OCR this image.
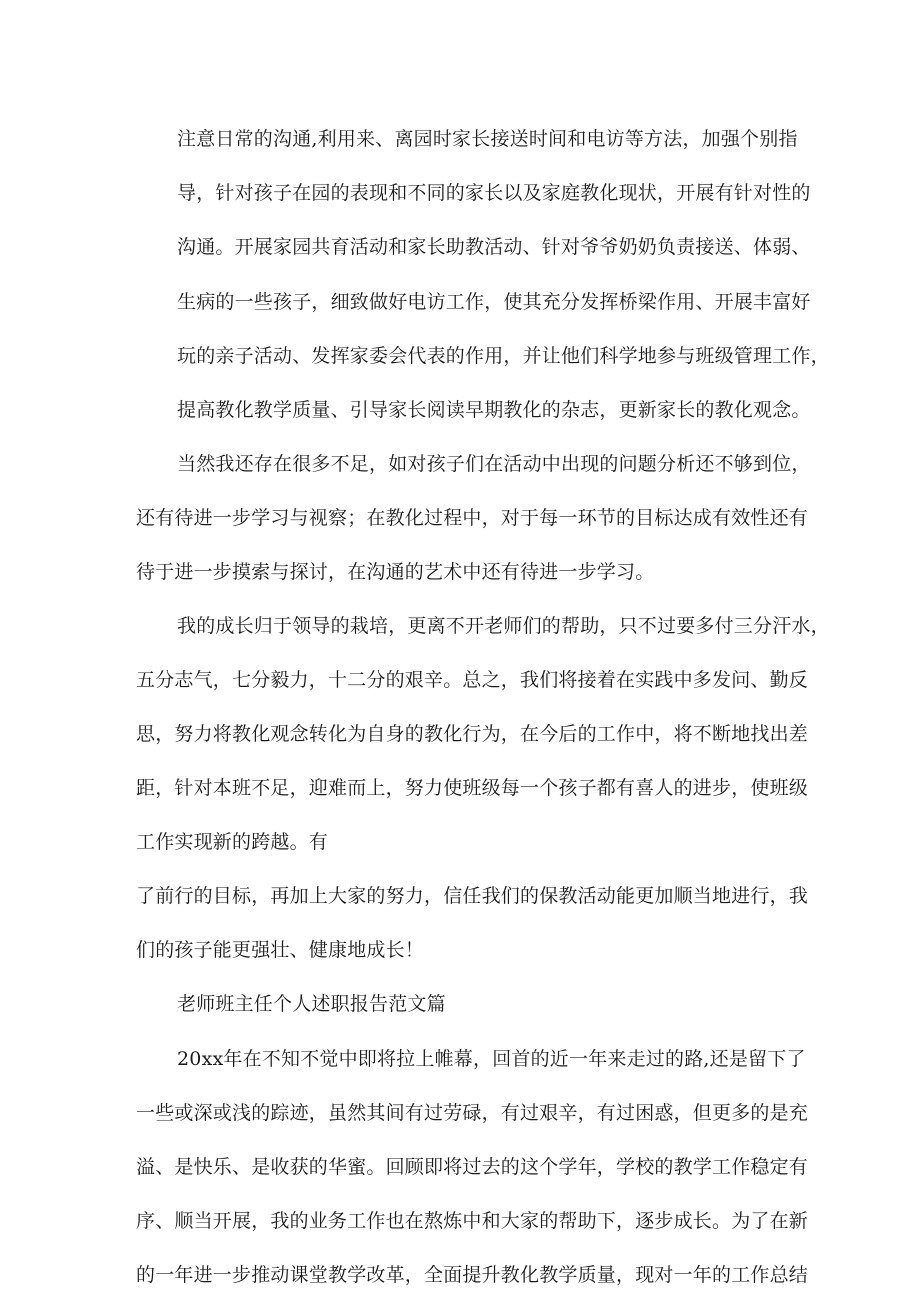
注意日常的沟通,利用来、离园时家长接送时间和电访等方法，加强个别指
导，针对孩子在园的表现和不同的家长以及家庭教化现状，开展有针对性的
沟通。开展家园共育活动和家长助教活动、针对爷爷奶奶负责接送、体弱、
生病的一些孩子，细致做好电访工作，使其充分发挥桥梁作用、开展丰富好
玩的亲子活动、发挥家委会代表的作用，并让他们科学地参与班级管理工作，
提高教化教学质量、引导家长阅读早期教化的杂志，更新家长的教化观念。
当然我还存在很多不足，如对孩子们在活动中出现的问题分析还不够到位，
还有待进一步学习与视察；在教化过程中，对于每一环节的目标达成有效性还有
待于进一步摸索与探讨，在沟通的艺术中还有待进一步学习。
我的成长归于领导的栽培，更离不开老师们的帮助，只不过要多付三分汗水，
五分志气，七分毅力，十二分的艰辛。总之，我们将接着在实践中多发问、勤反
思，努力将教化观念转化为自身的教化行为，在今后的工作中，将不断地找出差
距，针对本班不足，迎难而上，努力使班级每一个孩子都有喜人的进步，使班级
工作实现新的跨越。有
了前行的目标，再加上大家的努力，信任我们的保教活动能更加顺当地进行，我
们的孩子能更强壮、健康地成长！
老师班主任个人述职报告范文篇
20xx年在不知不觉中即将拉上帷幕，回首的近一年来走过的路,还是留下了
一些或深或浅的踪迹，虽然其间有过劳碌，有过艰辛，有过困惑，但更多的是充
溢、是快乐、是收获的华蜜。回顾即将过去的这个学年，学校的教学工作稳定有
序、顺当开展，我的业务工作也在熬炼中和大家的帮助下，逐步成长。为了在新
的一年进一步推动课堂教学改革，全面提升教化教学质量，现对一年的工作总结
